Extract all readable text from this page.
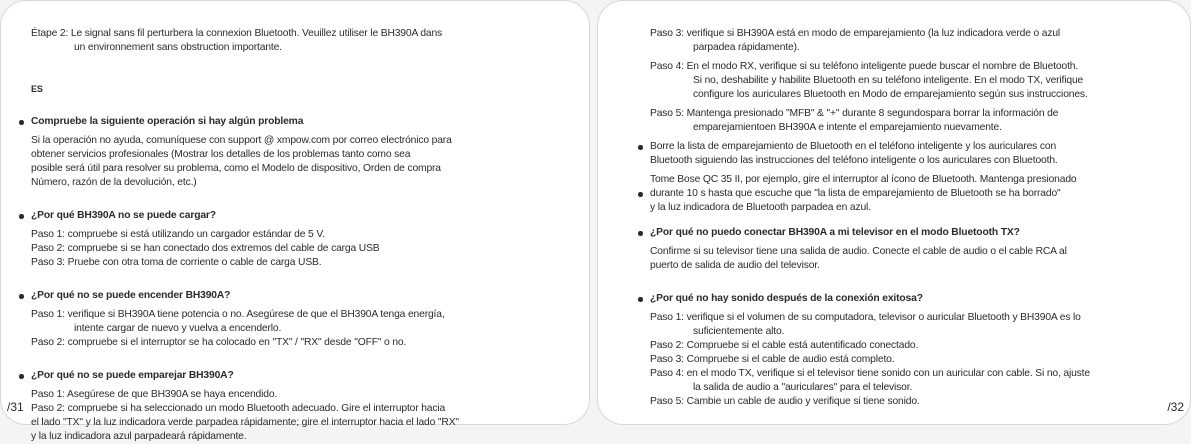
Étape 2: Le signal sans fil perturbera la connexion Bluetooth. Veuillez utiliser le BH390A dans
un environnement sans obstruction importante.
ES
Compruebe la siguiente operación si hay algún problema
Si la operación no ayuda, comuníquese con support @ xmpow.com por correo electrónico para
obtener servicios profesionales (Mostrar los detalles de los problemas tanto como sea
posible será útil para resolver su problema, como el Modelo de dispositivo, Orden de compra
Número, razón de la devolución, etc.)
¿Por qué BH390A no se puede cargar?
Paso 1: compruebe si está utilizando un cargador estándar de 5 V.
Paso 2: compruebe si se han conectado dos extremos del cable de carga USB
Paso 3: Pruebe con otra toma de corriente o cable de carga USB.
¿Por qué no se puede encender BH390A?
Paso 1: verifique si BH390A tiene potencia o no. Asegúrese de que el BH390A tenga energía,
intente cargar de nuevo y vuelva a encenderlo.
Paso 2: compruebe si el interruptor se ha colocado en "TX" / "RX" desde "OFF" o no.
¿Por qué no se puede emparejar BH390A?
Paso 1: Asegúrese de que BH390A se haya encendido.
Paso 2: compruebe si ha seleccionado un modo Bluetooth adecuado. Gire el interruptor hacia
el lado "TX" y la luz indicadora verde parpadea rápidamente; gire el interruptor hacia el lado "RX"
y la luz indicadora azul parpadeará rápidamente.
/31
Paso 3: verifique si BH390A está en modo de emparejamiento (la luz indicadora verde o azul
parpadea rápidamente).
Paso 4: En el modo RX, verifique si su teléfono inteligente puede buscar el nombre de Bluetooth.
Si no, deshabilite y habilite Bluetooth en su teléfono inteligente. En el modo TX, verifique
configure los auriculares Bluetooth en Modo de emparejamiento según sus instrucciones.
Paso 5: Mantenga presionado "MFB" & "+" durante 8 segundospara borrar la información de
emparejamientoen BH390A e intente el emparejamiento nuevamente.
Borre la lista de emparejamiento de Bluetooth en el teléfono inteligente y los auriculares con
Bluetooth siguiendo las instrucciones del teléfono inteligente o los auriculares con Bluetooth.
Tome Bose QC 35 II, por ejemplo, gire el interruptor al ícono de Bluetooth. Mantenga presionado
durante 10 s hasta que escuche que "la lista de emparejamiento de Bluetooth se ha borrado"
y la luz indicadora de Bluetooth parpadea en azul.
¿Por qué no puedo conectar BH390A a mi televisor en el modo Bluetooth TX?
Confirme si su televisor tiene una salida de audio. Conecte el cable de audio o el cable RCA al
puerto de salida de audio del televisor.
¿Por qué no hay sonido después de la conexión exitosa?
Paso 1: verifique si el volumen de su computadora, televisor o auricular Bluetooth y BH390A es lo
suficientemente alto.
Paso 2: Compruebe si el cable está autentificado conectado.
Paso 3: Compruebe si el cable de audio está completo.
Paso 4: en el modo TX, verifique si el televisor tiene sonido con un auricular con cable. Si no, ajuste
la salida de audio a "auriculares" para el televisor.
Paso 5: Cambie un cable de audio y verifique si tiene sonido.	/32
